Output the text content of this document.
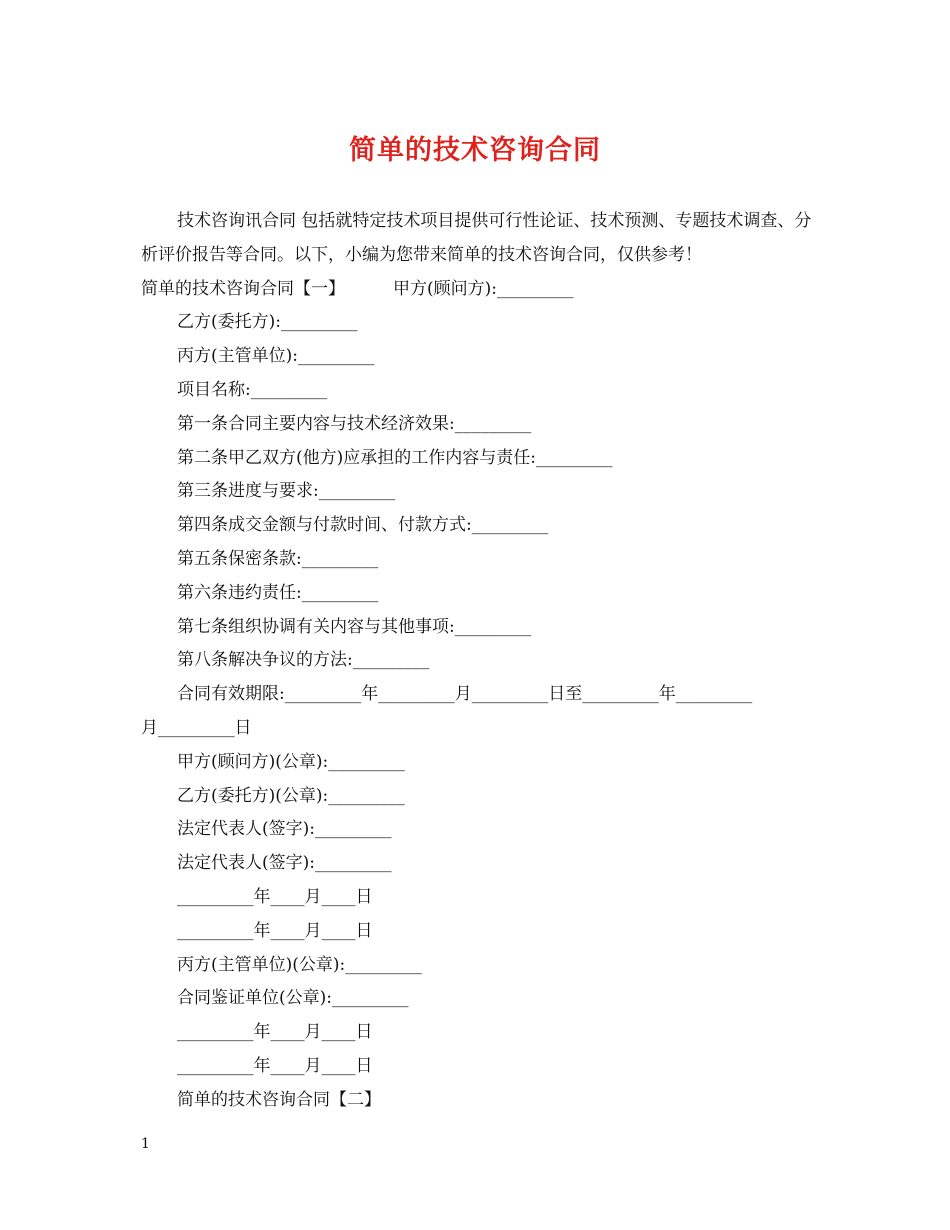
简单的技术咨询合同

技术咨询讯合同 包括就特定技术项目提供可行性论证、技术预测、专题技术调查、分析评价报告等合同。以下，小编为您带来简单的技术咨询合同，仅供参考！

简单的技术咨询合同【一】	甲方(顾问方):_________

乙方(委托方):_________

丙方(主管单位):_________

项目名称:_________

第一条合同主要内容与技术经济效果:_________

第二条甲乙双方(他方)应承担的工作内容与责任:_________

第三条进度与要求:_________

第四条成交金额与付款时间、付款方式:_________

第五条保密条款:_________

第六条违约责任:_________

第七条组织协调有关内容与其他事项:_________

第八条解决争议的方法:_________

合同有效期限:_________年_________月_________日至_________年_________

月_________日

甲方(顾问方)(公章):_________

乙方(委托方)(公章):_________

法定代表人(签字):_________

法定代表人(签字):_________

_________年____月____日

_________年____月____日

丙方(主管单位)(公章):_________

合同鉴证单位(公章):_________

_________年____月____日

_________年____月____日

简单的技术咨询合同【二】

1
